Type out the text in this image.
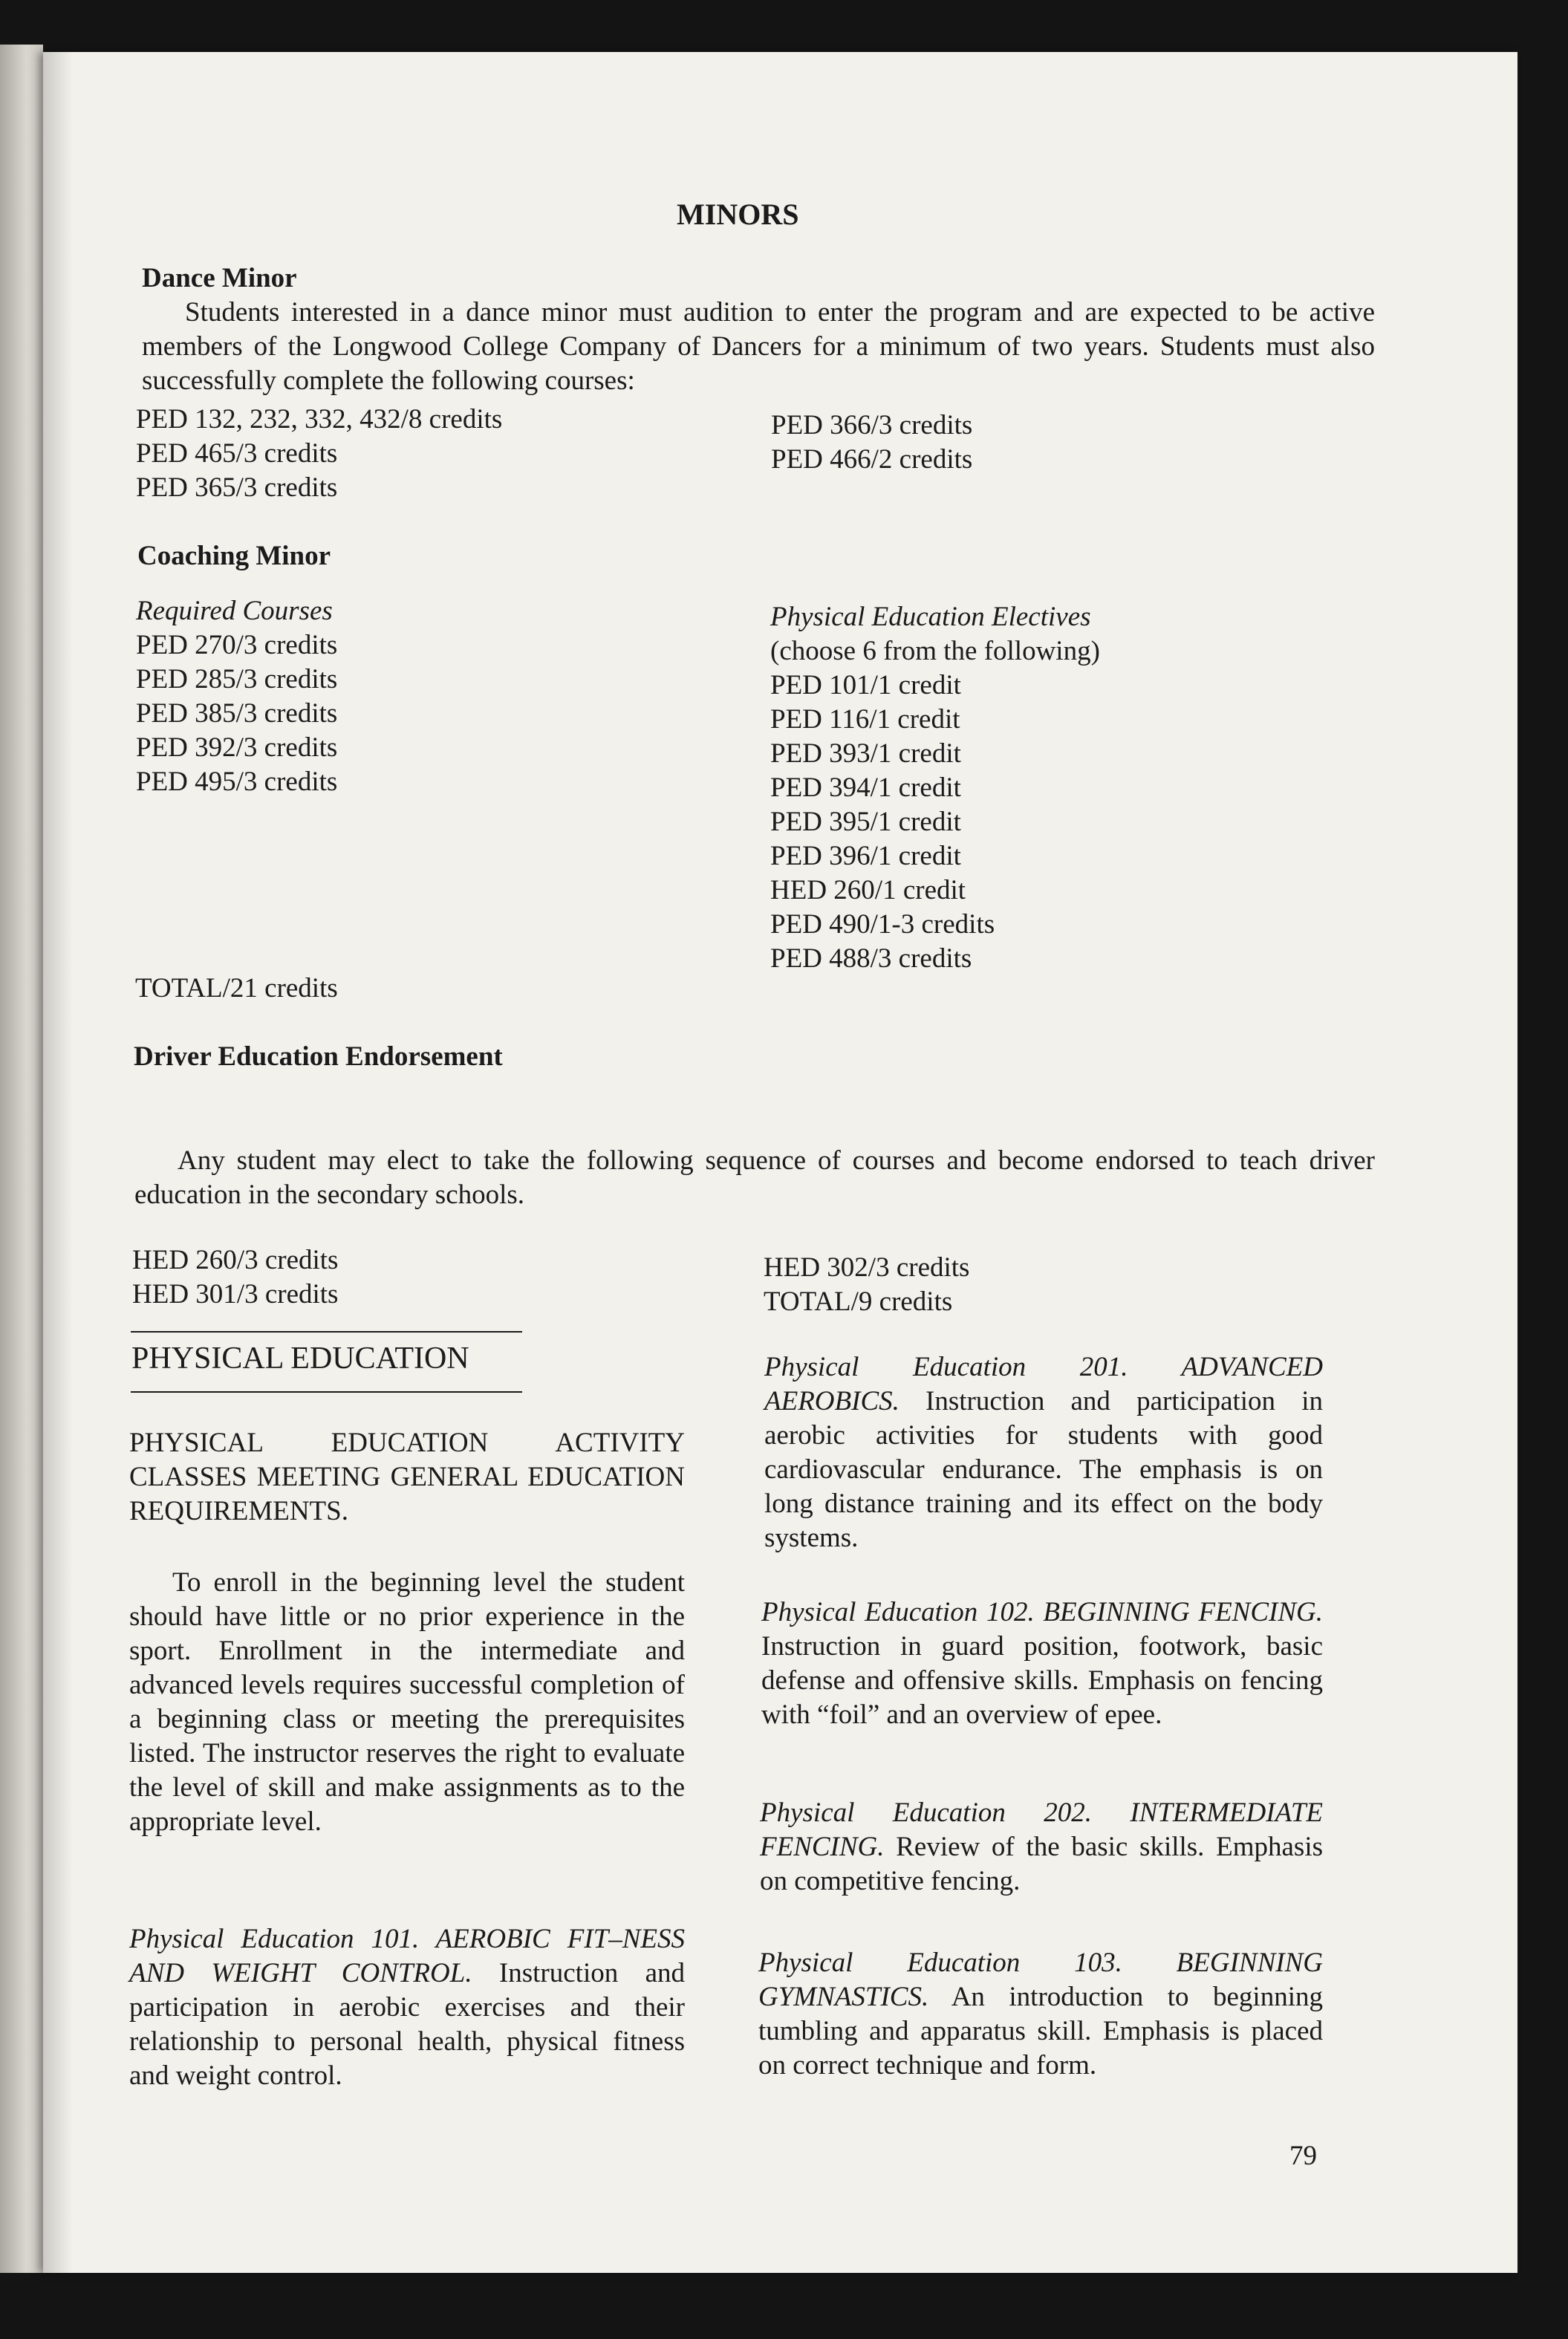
MINORS
Dance Minor

Students interested in a dance minor must audition to enter the program and are expected to be active members of the Longwood College Company of Dancers for a minimum of two years. Students must also successfully complete the following courses:

PED 132, 232, 332, 432/8 credits
PED 465/3 credits
PED 365/3 credits
PED 366/3 credits
PED 466/2 credits
Coaching Minor
Required Courses
PED 270/3 credits
PED 285/3 credits
PED 385/3 credits
PED 392/3 credits
PED 495/3 credits
TOTAL/21 credits
Physical Education Electives
(choose 6 from the following)
PED 101/1 credit
PED 116/1 credit
PED 393/1 credit
PED 394/1 credit
PED 395/1 credit
PED 396/1 credit
HED 260/1 credit
PED 490/1-3 credits
PED 488/3 credits
Driver Education Endorsement

Any student may elect to take the following sequence of courses and become endorsed to teach driver education in the secondary schools.

HED 260/3 credits
HED 301/3 credits
HED 302/3 credits
TOTAL/9 credits
PHYSICAL EDUCATION

PHYSICAL EDUCATION ACTIVITY CLASSES MEETING GENERAL EDUCATION REQUIREMENTS.

To enroll in the beginning level the student should have little or no prior experience in the sport. Enrollment in the intermediate and advanced levels requires successful completion of a beginning class or meeting the prerequisites listed. The instructor reserves the right to evaluate the level of skill and make assignments as to the appropriate level.

Physical Education 101. AEROBIC FIT–NESS AND WEIGHT CONTROL. Instruction and participation in aerobic exercises and their relationship to personal health, physical fitness and weight control.

Physical Education 201. ADVANCED AEROBICS. Instruction and participation in aerobic activities for students with good cardiovascular endurance. The emphasis is on long distance training and its effect on the body systems.

Physical Education 102. BEGINNING FENCING. Instruction in guard position, footwork, basic defense and offensive skills. Emphasis on fencing with “foil” and an overview of epee.

Physical Education 202. INTERMEDIATE FENCING. Review of the basic skills. Emphasis on competitive fencing.

Physical Education 103. BEGINNING GYMNASTICS. An introduction to beginning tumbling and apparatus skill. Emphasis is placed on correct technique and form.

79
